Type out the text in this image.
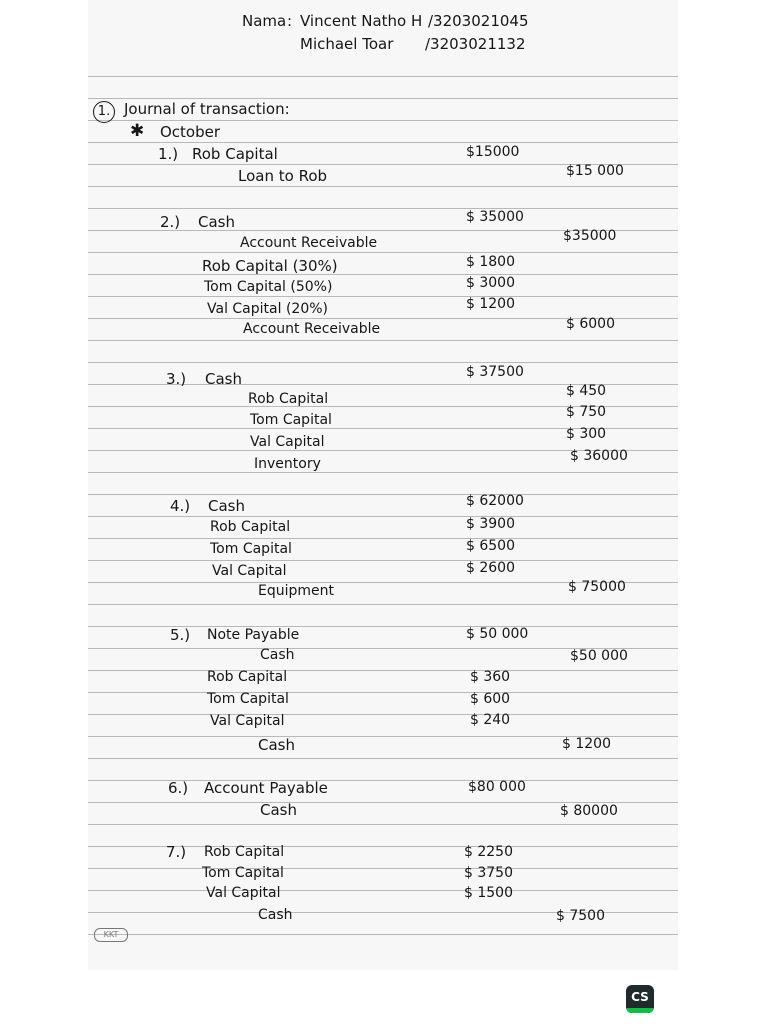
Nama : Vincent Natho H /3203021045
Michael Toar /3203021132
1. Journal of transaction:
✱ October
1.) Rob Capital	$15000
Loan to Rob	$15 000
2.) Cash	$ 35000
Account Receivable	$35000
Rob Capital (30%)	$ 1800
Tom Capital (50%)	$ 3000
Val Capital (20%)	$ 1200
Account Receivable	$ 6000
3.) Cash	$ 37500
Rob Capital	$ 450
Tom Capital	$ 750
Val Capital	$ 300
Inventory	$ 36000
4.) Cash	$ 62000
Rob Capital	$ 3900
Tom Capital	$ 6500
Val Capital	$ 2600
Equipment	$ 75000
5.) Note Payable	$ 50 000
Cash	$50 000
Rob Capital	$ 360
Tom Capital	$ 600
Val Capital	$ 240
Cash	$ 1200
6.) Account Payable	$80 000
Cash	$ 80000
7.) Rob Capital	$ 2250
Tom Capital	$ 3750
Val Capital	$ 1500
Cash	$ 7500
KKT
CS
